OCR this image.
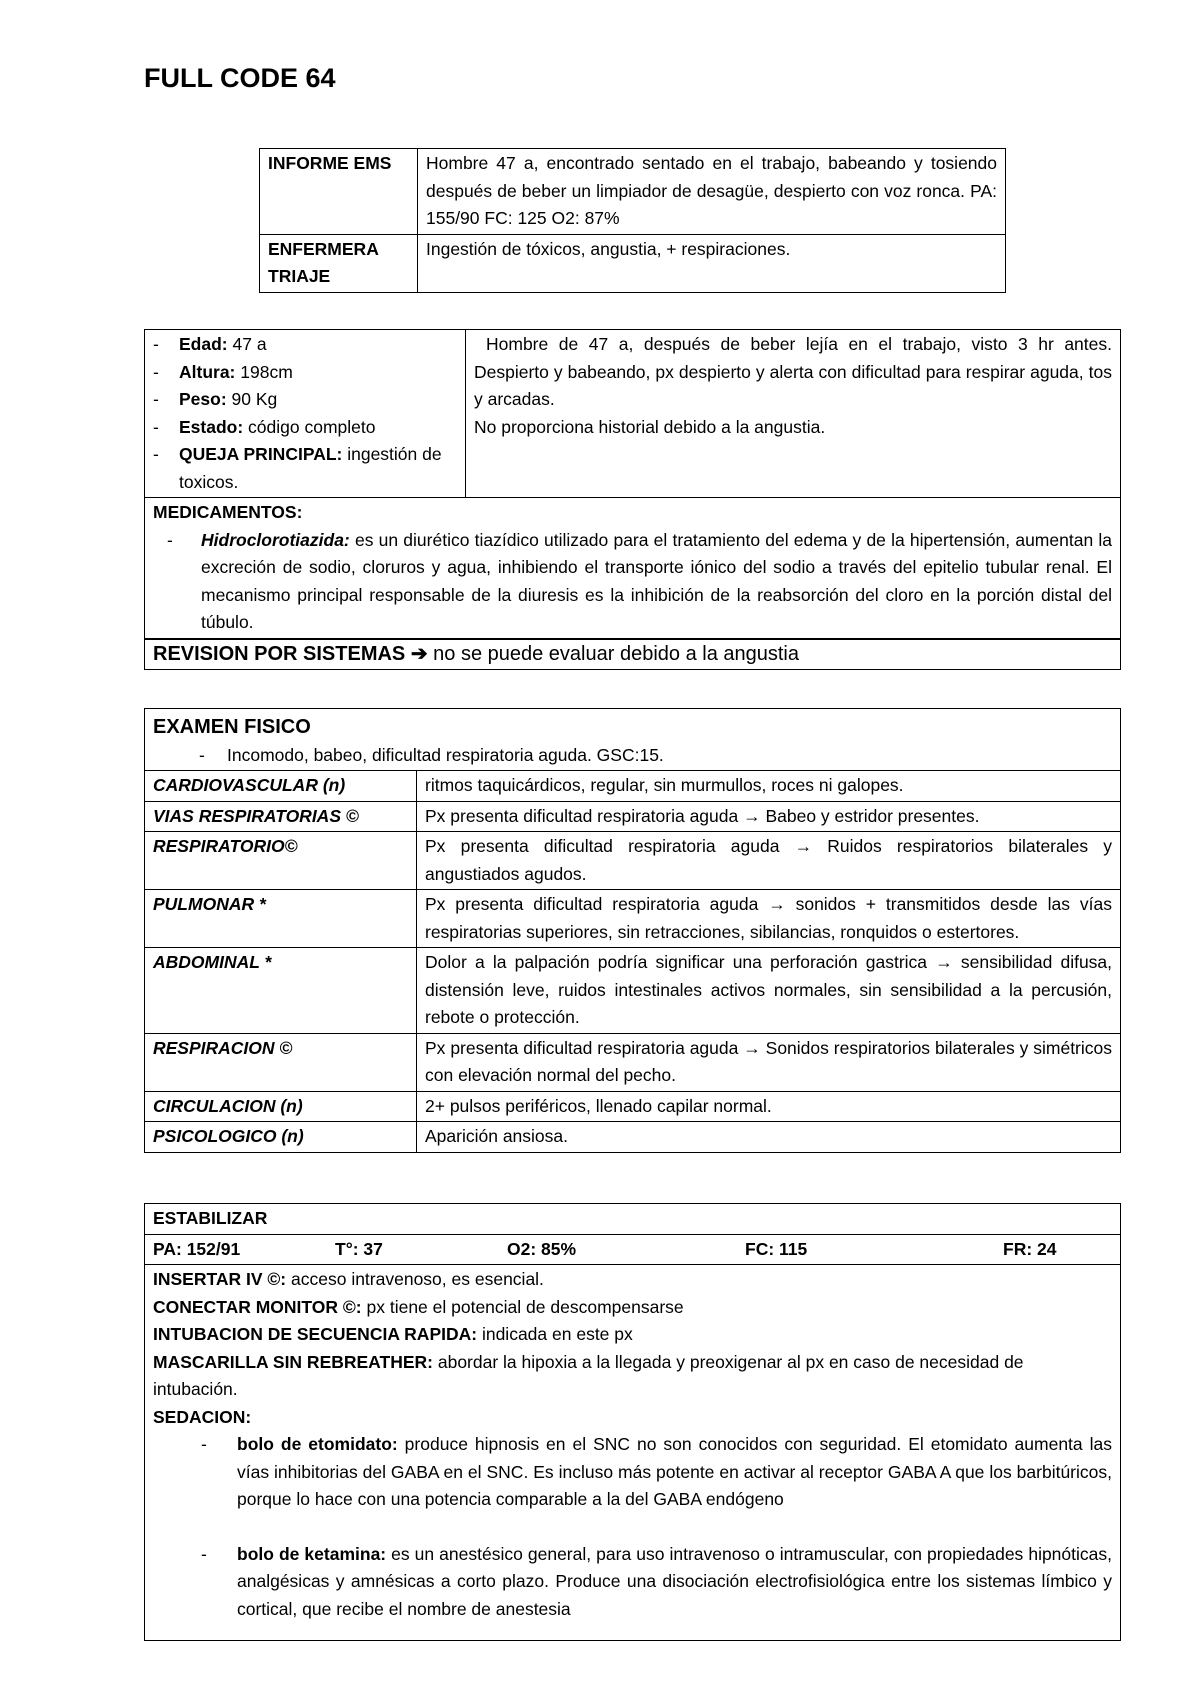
FULL CODE 64
INFORME EMS	Hombre 47 a, encontrado sentado en el trabajo, babeando y tosiendo después de beber un limpiador de desagüe, despierto con voz ronca. PA: 155/90 FC: 125 O2: 87%
ENFERMERA TRIAJE	Ingestión de tóxicos, angustia, + respiraciones.
- Edad: 47 a
- Altura: 198cm
- Peso: 90 Kg
- Estado: código completo
- QUEJA PRINCIPAL: ingestión de toxicos.

Hombre de 47 a, después de beber lejía en el trabajo, visto 3 hr antes. Despierto y babeando, px despierto y alerta con dificultad para respirar aguda, tos y arcadas.
No proporciona historial debido a la angustia.

MEDICAMENTOS:
- Hidroclorotiazida: es un diurético tiazídico utilizado para el tratamiento del edema y de la hipertensión, aumentan la excreción de sodio, cloruros y agua, inhibiendo el transporte iónico del sodio a través del epitelio tubular renal. El mecanismo principal responsable de la diuresis es la inhibición de la reabsorción del cloro en la porción distal del túbulo.

REVISION POR SISTEMAS ➔ no se puede evaluar debido a la angustia
EXAMEN FISICO
- Incomodo, babeo, dificultad respiratoria aguda. GSC:15.	

CARDIOVASCULAR (n)	ritmos taquicárdicos, regular, sin murmullos, roces ni galopes.
VIAS RESPIRATORIAS ©	Px presenta dificultad respiratoria aguda → Babeo y estridor presentes.
RESPIRATORIO©	Px presenta dificultad respiratoria aguda → Ruidos respiratorios bilaterales y angustiados agudos.
PULMONAR *	Px presenta dificultad respiratoria aguda → sonidos + transmitidos desde las vías respiratorias superiores, sin retracciones, sibilancias, ronquidos o estertores.
ABDOMINAL *	Dolor a la palpación podría significar una perforación gastrica → sensibilidad difusa, distensión leve, ruidos intestinales activos normales, sin sensibilidad a la percusión, rebote o protección.
RESPIRACION ©	Px presenta dificultad respiratoria aguda → Sonidos respiratorios bilaterales y simétricos con elevación normal del pecho.
CIRCULACION (n)	2+ pulsos periféricos, llenado capilar normal.
PSICOLOGICO (n)	Aparición ansiosa.
ESTABILIZAR

PA: 152/91	T°: 37	O2: 85%	FC: 115	FR: 24

INSERTAR IV ©: acceso intravenoso, es esencial.
CONECTAR MONITOR ©: px tiene el potencial de descompensarse
INTUBACION DE SECUENCIA RAPIDA: indicada en este px
MASCARILLA SIN REBREATHER: abordar la hipoxia a la llegada y preoxigenar al px en caso de necesidad de intubación.
SEDACION:
- bolo de etomidato: produce hipnosis en el SNC no son conocidos con seguridad. El etomidato aumenta las vías inhibitorias del GABA en el SNC. Es incluso más potente en activar al receptor GABA A que los barbitúricos, porque lo hace con una potencia comparable a la del GABA endógeno
- bolo de ketamina: es un anestésico general, para uso intravenoso o intramuscular, con propiedades hipnóticas, analgésicas y amnésicas a corto plazo. Produce una disociación electrofisiológica entre los sistemas límbico y cortical, que recibe el nombre de anestesia
